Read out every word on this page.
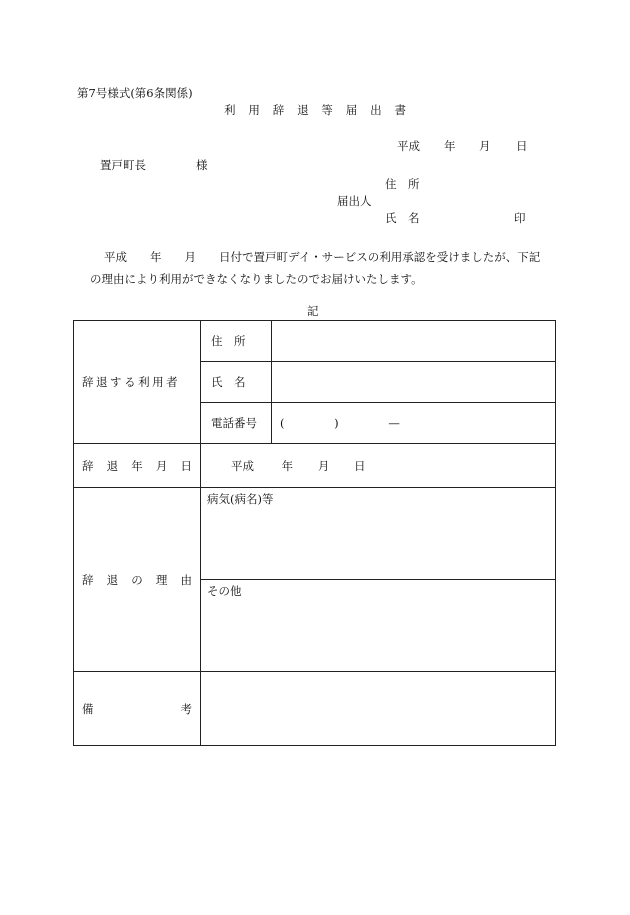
第7号様式(第6条関係)
利 用 辞 退 等 届 出 書
平成 年 月 日
置戸町長	様
住　所
届出人
氏　名	印
平成　　年　　月　　日付で置戸町デイ・サービスの利用承認を受けましたが、下記
の理由により利用ができなくなりましたのでお届けいたします。
記
辞退する利用者	住　所	
	氏　名	
	電話番号	( ) —

辞 退 年 月 日	平成 年 月 日	

辞 退 の 理 由	病気(病名)等	
	その他	

備 考		
